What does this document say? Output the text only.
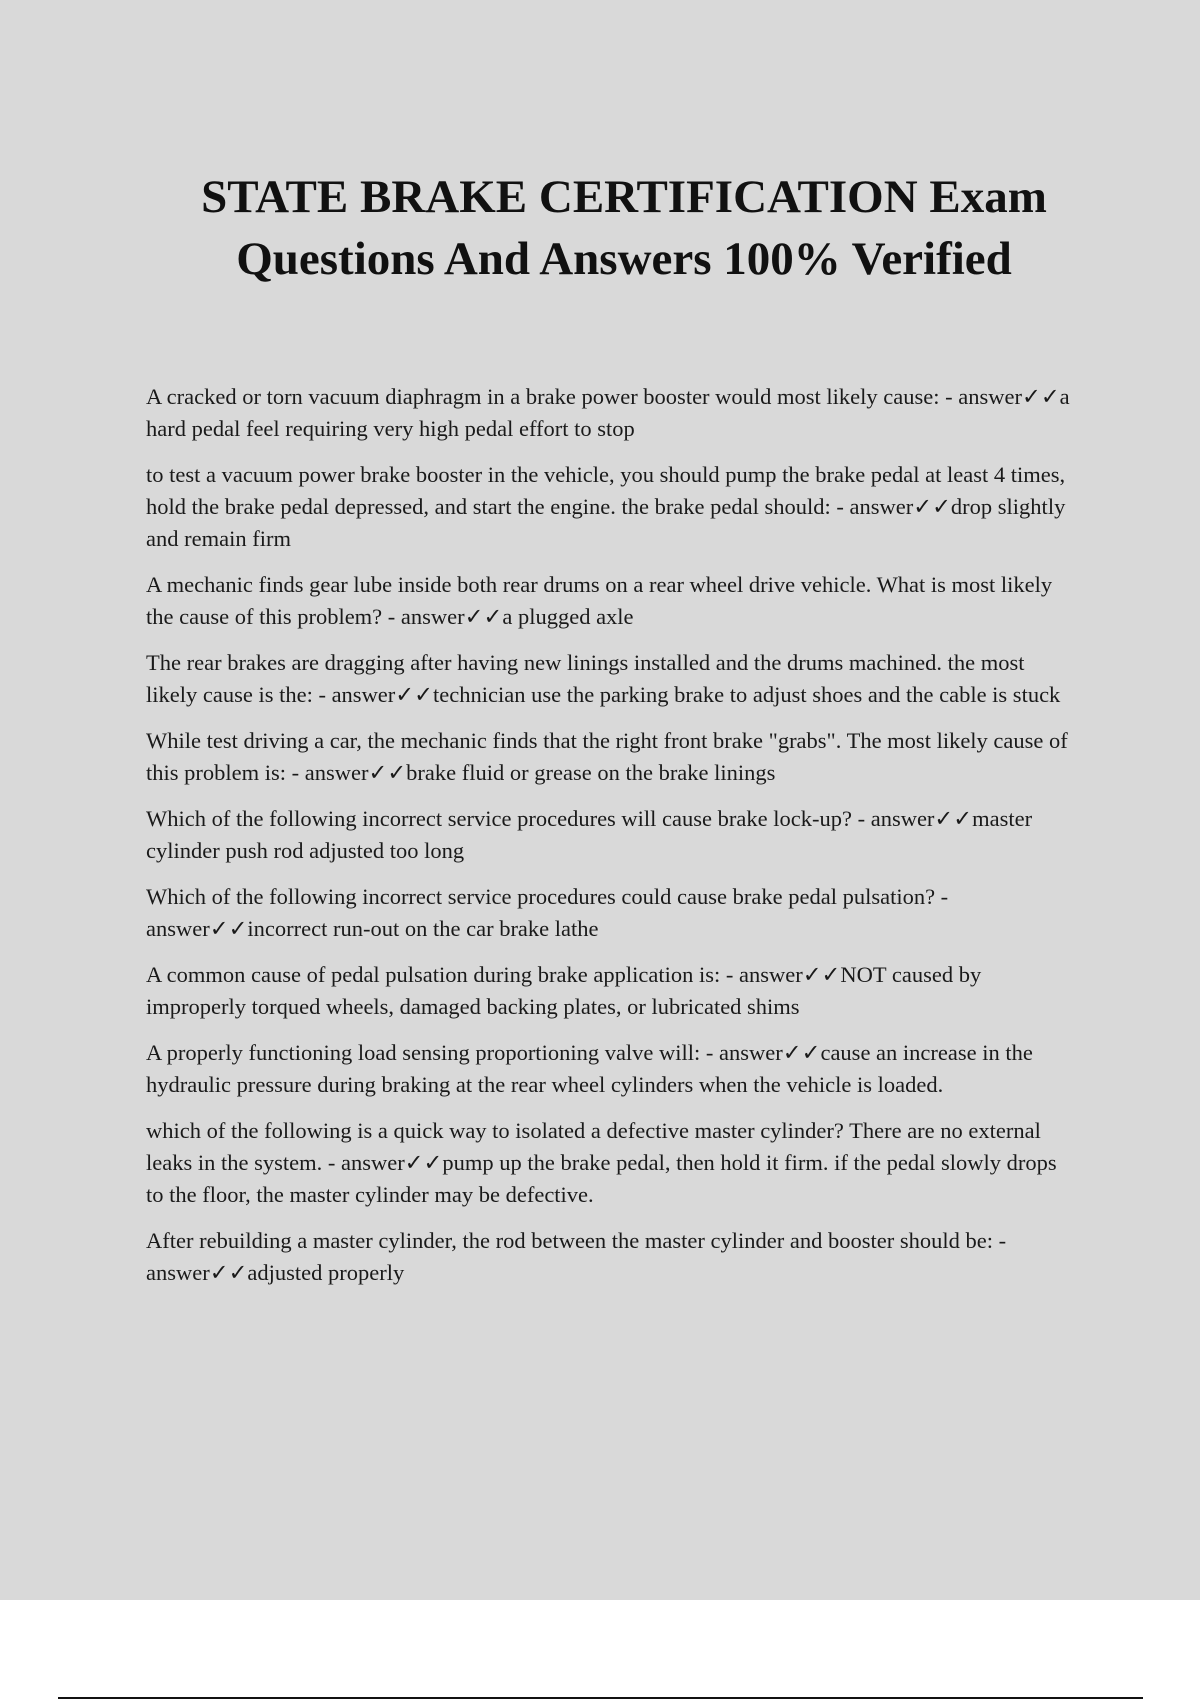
STATE BRAKE CERTIFICATION Exam
Questions And Answers 100% Verified

A cracked or torn vacuum diaphragm in a brake power booster would most likely cause: - answer✓✓a hard pedal feel requiring very high pedal effort to stop

to test a vacuum power brake booster in the vehicle, you should pump the brake pedal at least 4 times, hold the brake pedal depressed, and start the engine. the brake pedal should: - answer✓✓drop slightly and remain firm

A mechanic finds gear lube inside both rear drums on a rear wheel drive vehicle. What is most likely the cause of this problem? - answer✓✓a plugged axle

The rear brakes are dragging after having new linings installed and the drums machined. the most likely cause is the: - answer✓✓technician use the parking brake to adjust shoes and the cable is stuck

While test driving a car, the mechanic finds that the right front brake "grabs". The most likely cause of this problem is: - answer✓✓brake fluid or grease on the brake linings

Which of the following incorrect service procedures will cause brake lock-up? - answer✓✓master cylinder push rod adjusted too long

Which of the following incorrect service procedures could cause brake pedal pulsation? - answer✓✓incorrect run-out on the car brake lathe

A common cause of pedal pulsation during brake application is: - answer✓✓NOT caused by improperly torqued wheels, damaged backing plates, or lubricated shims

A properly functioning load sensing proportioning valve will: - answer✓✓cause an increase in the hydraulic pressure during braking at the rear wheel cylinders when the vehicle is loaded.

which of the following is a quick way to isolated a defective master cylinder? There are no external leaks in the system. - answer✓✓pump up the brake pedal, then hold it firm. if the pedal slowly drops to the floor, the master cylinder may be defective.

After rebuilding a master cylinder, the rod between the master cylinder and booster should be: - answer✓✓adjusted properly
